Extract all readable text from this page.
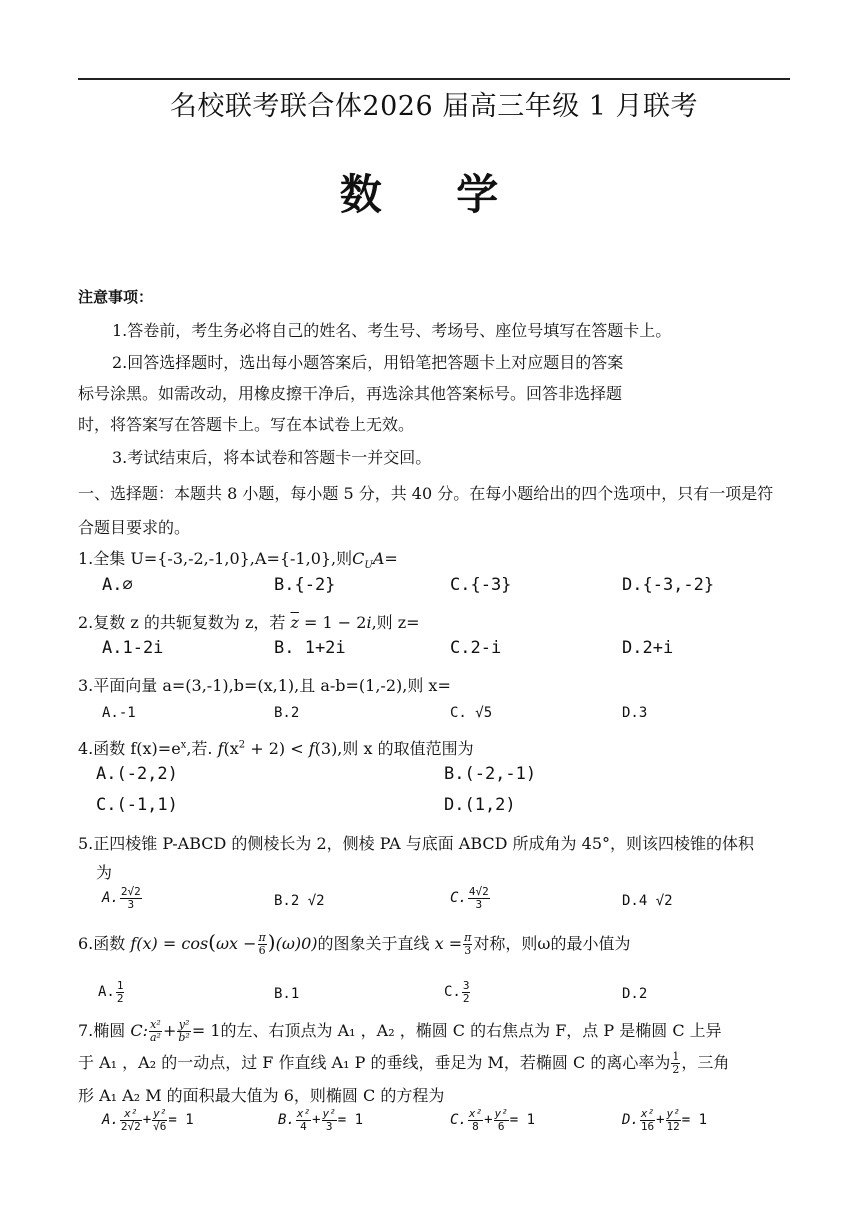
名校联考联合体2026 届高三年级 1 月联考
数 学
注意事项：
1.答卷前，考生务必将自己的姓名、考生号、考场号、座位号填写在答题卡上。
2.回答选择题时，选出每小题答案后，用铅笔把答题卡上对应题目的答案
标号涂黑。如需改动，用橡皮擦干净后，再选涂其他答案标号。回答非选择题
时，将答案写在答题卡上。写在本试卷上无效。
3.考试结束后，将本试卷和答题卡一并交回。
一、选择题：本题共 8 小题，每小题 5 分，共 40 分。在每小题给出的四个选项中，只有一项是符
合题目要求的。
1.全集 U={-3,-2,-1,0},A={-1,0},则$C_UA=$
A.∅	B.{-2}	C.{-3}	D.{-3,-2}
2.复数 z 的共轭复数为 z，若 $\overline{z} = 1 - 2i$,则 z=
A.1-2i	B. 1+2i	C.2-i	D.2+i
3.平面向量 a=(3,-1),b=(x,1),且 a-b=(1,-2),则 x=
A.-1	B.2	C. √5	D.3
4.函数 $f(x)=e^x$,若. $f(x^2 + 2) < f(3)$,则 x 的取值范围为
A.(-2,2)	B.(-2,-1)
C.(-1,1)	D.(1,2)
5.正四棱锥 P-ABCD 的侧棱长为 2，侧棱 PA 与底面 ABCD 所成角为 45°，则该四棱锥的体积
为
A. $\frac{2√2}{3}$	B.2 √2	C. $\frac{4√2}{3}$	D.4 √2
6.函数 $f(x) = \cos(\omega x - \frac{\pi}{6} )(\omega)0$)的图象关于直线 $x = \frac{\pi}{3}$ 对称，则ω的最小值为
A. $\frac{1}{2}$	B.1	C. $\frac{3}{2}$	D.2
7.椭圆 C: $\frac{\text{x²}}{\text{a²}} + \frac{\text{y²}}{\text{b²}} = 1$的左、右顶点为 A₁ ，A₂ ，椭圆 C 的右焦点为 F，点 P 是椭圆 C 上异
于 A₁ ，A₂ 的一动点，过 F 作直线 A₁ P 的垂线，垂足为 M，若椭圆 C 的离心率为 $\frac{1}{2}$ ，三角
形 A₁ A₂ M 的面积最大值为 6，则椭圆 C 的方程为
A. $\frac{\text{x²}}{2√2} + \frac{\text{y²}}{√6} = 1$	B. $\frac{\text{x²}}{4} + \frac{\text{y²}}{3} = 1$	C. $\frac{\text{x²}}{8} + \frac{\text{y²}}{6} = 1$	D. $\frac{\text{x²}}{16} + \frac{\text{y²}}{12} = 1$
